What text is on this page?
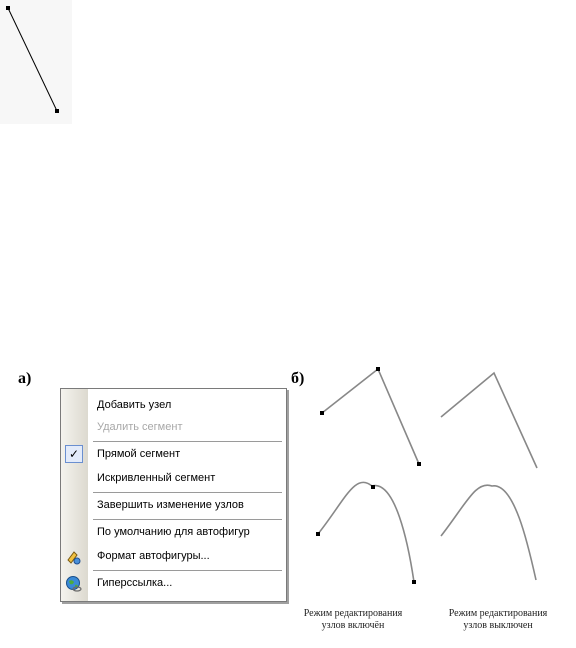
а)	б)
Добавить узел
Удалить сегмент
✓	Прямой сегмент
Искривленный сегмент
Завершить изменение узлов
По умолчанию для автофигур
Формат автофигуры...
Гиперссылка...
Режим редактирования
узлов включён
Режим редактирования
узлов выключен
